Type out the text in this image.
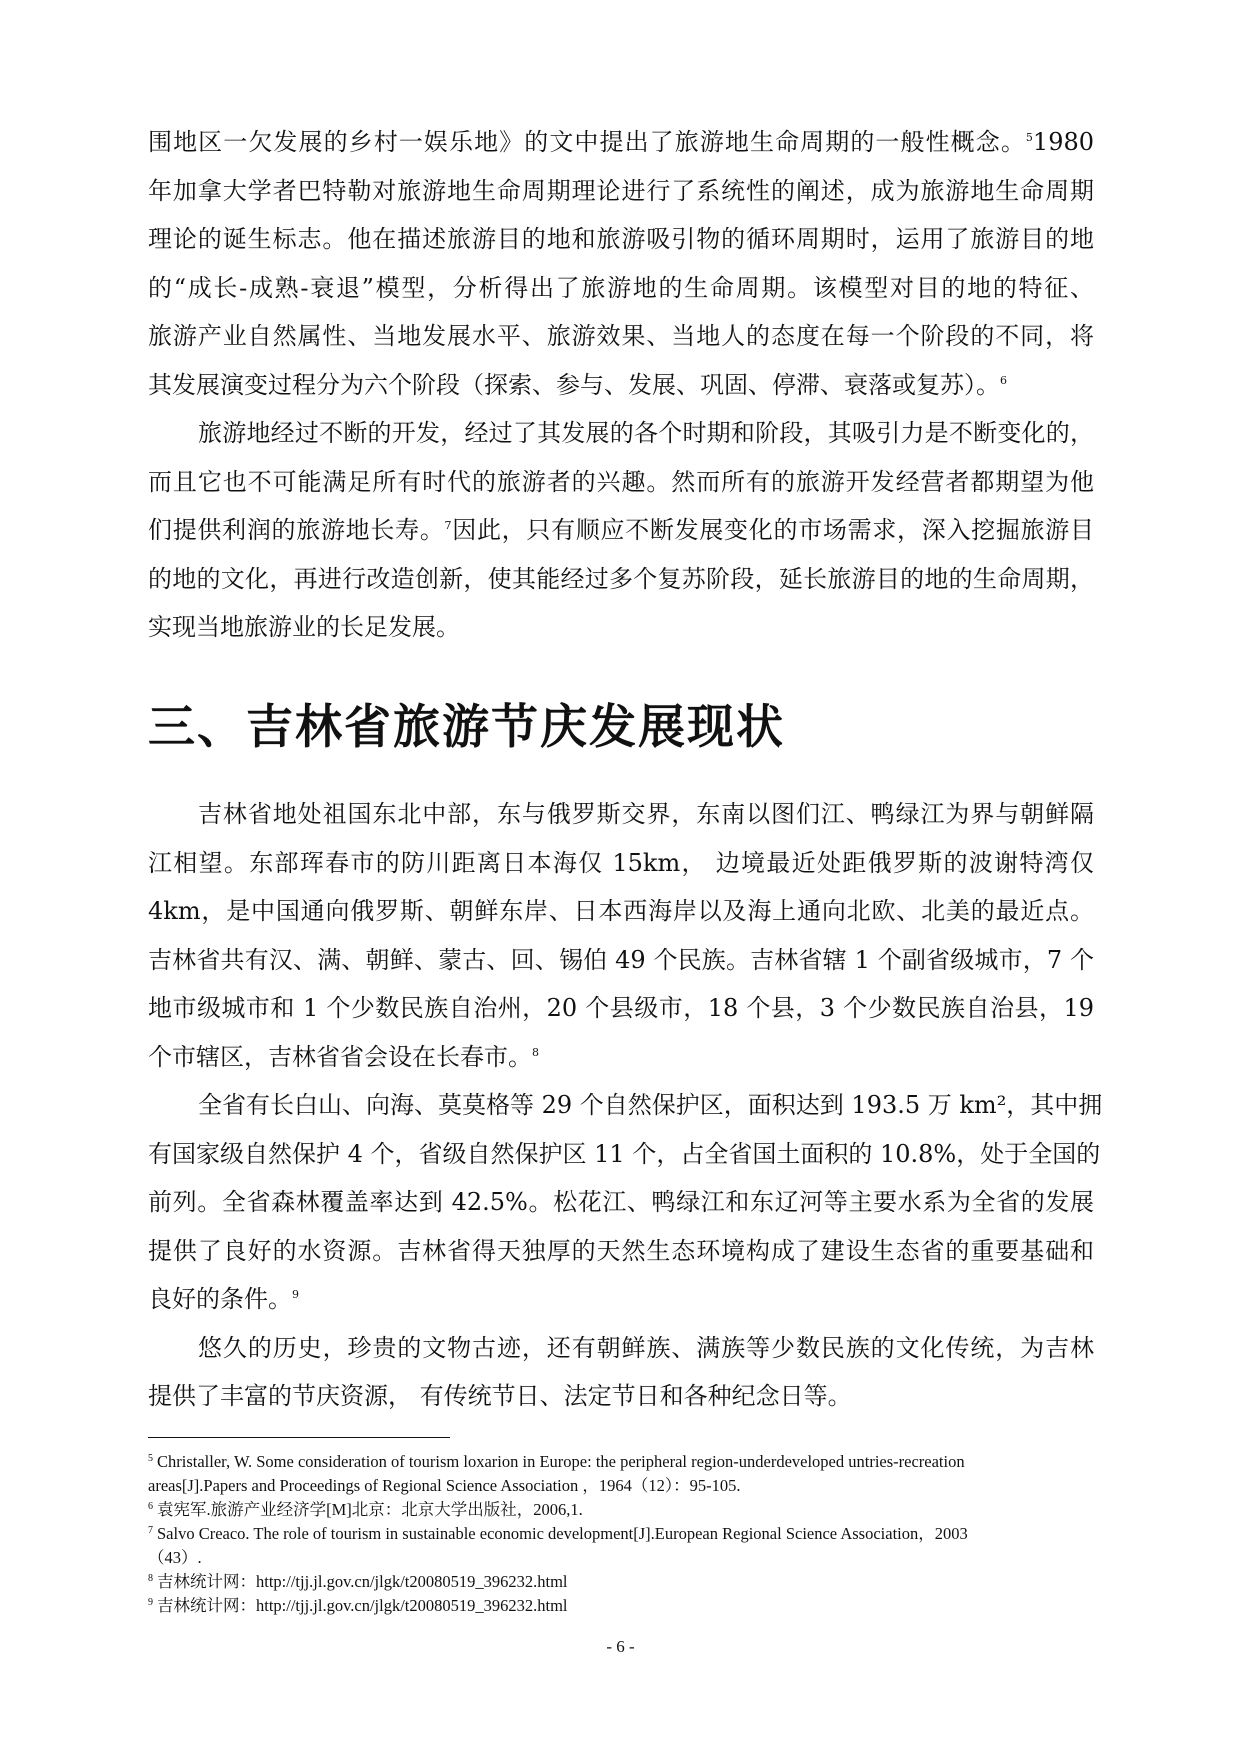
围地区一欠发展的乡村一娱乐地》的文中提出了旅游地生命周期的一般性概念。$^5$1980
年加拿大学者巴特勒对旅游地生命周期理论进行了系统性的阐述，成为旅游地生命周期
理论的诞生标志。他在描述旅游目的地和旅游吸引物的循环周期时，运用了旅游目的地
的“成长-成熟-衰退”模型，分析得出了旅游地的生命周期。该模型对目的地的特征、
旅游产业自然属性、当地发展水平、旅游效果、当地人的态度在每一个阶段的不同，将
其发展演变过程分为六个阶段（探索、参与、发展、巩固、停滞、衰落或复苏）。$^6$
旅游地经过不断的开发，经过了其发展的各个时期和阶段，其吸引力是不断变化的，
而且它也不可能满足所有时代的旅游者的兴趣。然而所有的旅游开发经营者都期望为他
们提供利润的旅游地长寿。$^7$因此，只有顺应不断发展变化的市场需求，深入挖掘旅游目
的地的文化，再进行改造创新，使其能经过多个复苏阶段，延长旅游目的地的生命周期，
实现当地旅游业的长足发展。
三、吉林省旅游节庆发展现状
吉林省地处祖国东北中部，东与俄罗斯交界，东南以图们江、鸭绿江为界与朝鲜隔
江相望。东部珲春市的防川距离日本海仅 15km， 边境最近处距俄罗斯的波谢特湾仅
4km，是中国通向俄罗斯、朝鲜东岸、日本西海岸以及海上通向北欧、北美的最近点。
吉林省共有汉、满、朝鲜、蒙古、回、锡伯 49 个民族。吉林省辖 1 个副省级城市，7 个
地市级城市和 1 个少数民族自治州，20 个县级市，18 个县，3 个少数民族自治县，19
个市辖区，吉林省省会设在长春市。$^8$
全省有长白山、向海、莫莫格等 29 个自然保护区，面积达到 193.5 万 km²，其中拥
有国家级自然保护 4 个，省级自然保护区 11 个，占全省国土面积的 10.8%，处于全国的
前列。全省森林覆盖率达到 42.5%。松花江、鸭绿江和东辽河等主要水系为全省的发展
提供了良好的水资源。吉林省得天独厚的天然生态环境构成了建设生态省的重要基础和
良好的条件。$^9$
悠久的历史，珍贵的文物古迹，还有朝鲜族、满族等少数民族的文化传统，为吉林
提供了丰富的节庆资源， 有传统节日、法定节日和各种纪念日等。
$^5$ Christaller, W. Some consideration of tourism loxarion in Europe: the peripheral region-underdeveloped untries-recreation
areas[J].Papers and Proceedings of Regional Science Association ，1964（12）：95-105.
$^6$ 袁宪军.旅游产业经济学[M]北京：北京大学出版社，2006,1.
$^7$ Salvo Creaco. The role of tourism in sustainable economic development[J].European Regional Science Association，2003
（43）.
$^8$ 吉林统计网：http://tjj.jl.gov.cn/jlgk/t20080519_396232.html
$^9$ 吉林统计网：http://tjj.jl.gov.cn/jlgk/t20080519_396232.html
- 6 -
